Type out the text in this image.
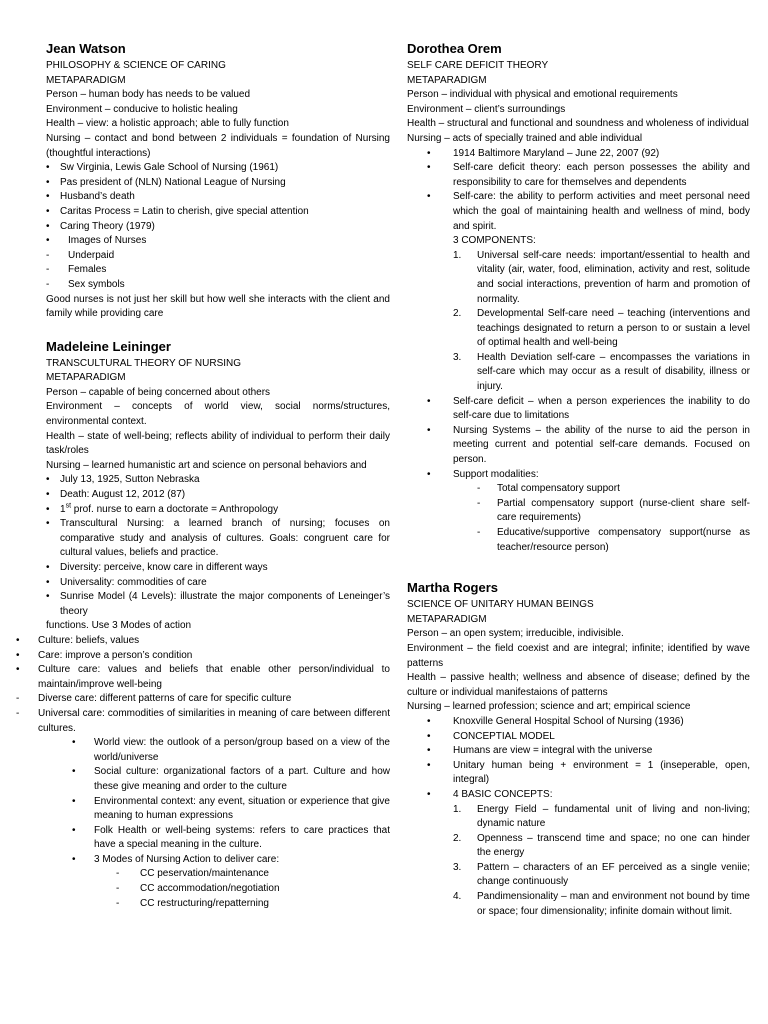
Jean Watson
PHILOSOPHY & SCIENCE OF CARING
METAPARADIGM
Person – human body has needs to be valued
Environment – conducive to holistic healing
Health – view: a holistic approach; able to fully function
Nursing – contact and bond between 2 individuals = foundation of Nursing (thoughtful interactions)
• Sw Virginia, Lewis Gale School of Nursing (1961)
• Pas president of (NLN) National League of Nursing
• Husband’s death
• Caritas Process = Latin to cherish, give special attention
• Caring Theory (1979)
• Images of Nurses
- Underpaid
- Females
- Sex symbols
Good nurses is not just her skill but how well she interacts with the client and family while providing care
Madeleine Leininger
TRANSCULTURAL THEORY OF NURSING
METAPARADIGM
Person – capable of being concerned about others
Environment – concepts of world view, social norms/structures, environmental context.
Health – state of well-being; reflects ability of individual to perform their daily task/roles
Nursing – learned humanistic art and science on personal behaviors and
• July 13, 1925, Sutton Nebraska
• Death: August 12, 2012 (87)
• 1st prof. nurse to earn a doctorate = Anthropology
• Transcultural Nursing: a learned branch of nursing; focuses on comparative study and analysis of cultures. Goals: congruent care for cultural values, beliefs and practice.
• Diversity: perceive, know care in different ways
• Universality: commodities of care
• Sunrise Model (4 Levels): illustrate the major components of Leneinger’s theory
functions. Use 3 Modes of action
• Culture: beliefs, values
• Care: improve a person’s condition
• Culture care: values and beliefs that enable other person/individual to maintain/improve well-being
- Diverse care: different patterns of care for specific culture
- Universal care: commodities of similarities in meaning of care between different cultures.
• World view: the outlook of a person/group based on a view of the world/universe
• Social culture: organizational factors of a part. Culture and how these give meaning and order to the culture
• Environmental context: any event, situation or experience that give meaning to human expressions
• Folk Health or well-being systems: refers to care practices that have a special meaning in the culture.
• 3 Modes of Nursing Action to deliver care:
- CC peservation/maintenance
- CC accommodation/negotiation
- CC restructuring/repatterning
Dorothea Orem
SELF CARE DEFICIT THEORY
METAPARADIGM
Person – individual with physical and emotional requirements
Environment – client’s surroundings
Health – structural and functional and soundness and wholeness of individual
Nursing – acts of specially trained and able individual
• 1914 Baltimore Maryland – June 22, 2007 (92)
• Self-care deficit theory: each person possesses the ability and responsibility to care for themselves and dependents
• Self-care: the ability to perform activities and meet personal need which the goal of maintaining health and wellness of mind, body and spirit.
3 COMPONENTS:
1. Universal self-care needs: important/essential to health and vitality (air, water, food, elimination, activity and rest, solitude and social interactions, prevention of harm and promotion of normality.
2. Developmental Self-care need – teaching (interventions and teachings designated to return a person to or sustain a level of optimal health and well-being
3. Health Deviation self-care – encompasses the variations in self-care which may occur as a result of disability, illness or injury.
• Self-care deficit – when a person experiences the inability to do self-care due to limitations
• Nursing Systems – the ability of the nurse to aid the person in meeting current and potential self-care demands. Focused on person.
• Support modalities:
- Total compensatory support
- Partial compensatory support (nurse-client share self-care requirements)
- Educative/supportive compensatory support(nurse as teacher/resource person)
Martha Rogers
SCIENCE OF UNITARY HUMAN BEINGS
METAPARADIGM
Person – an open system; irreducible, indivisible.
Environment – the field coexist and are integral; infinite; identified by wave patterns
Health – passive health; wellness and absence of disease; defined by the culture or individual manifestaions of patterns
Nursing – learned profession; science and art; empirical science
• Knoxville General Hospital School of Nursing (1936)
• CONCEPTIAL MODEL
• Humans are view = integral with the universe
• Unitary human being + environment = 1 (inseperable, open, integral)
• 4 BASIC CONCEPTS:
1. Energy Field – fundamental unit of living and non-living; dynamic nature
2. Openness – transcend time and space; no one can hinder the energy
3. Pattern – characters of an EF perceived as a single veniie; change continuously
4. Pandimensionality – man and environment not bound by time or space; four dimensionality; infinite domain without limit.
